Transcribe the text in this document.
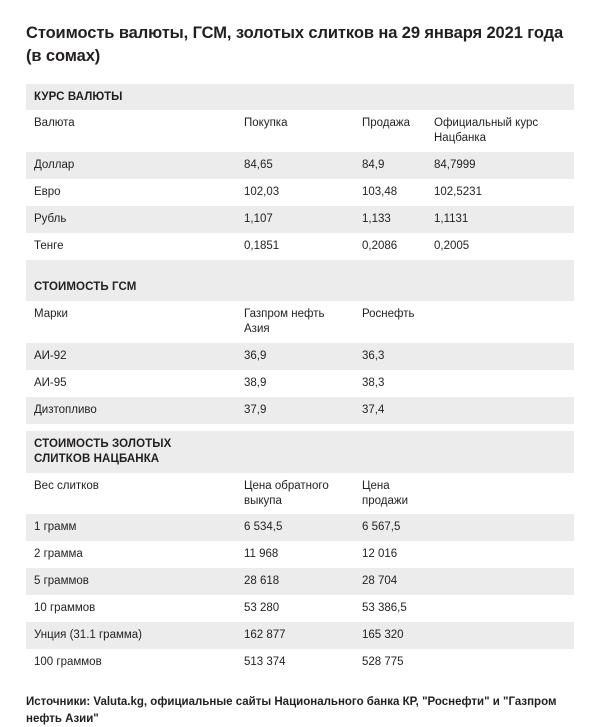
Стоимость валюты, ГСМ, золотых слитков на 29 января 2021 года (в сомах)
КУРС ВАЛЮТЫ			
Валюта	Покупка	Продажа	Официальный курс Нацбанка
Доллар	84,65	84,9	84,7999
Евро	102,03	103,48	102,5231
Рубль	1,107	1,133	1,1131
Тенге	0,1851	0,2086	0,2005

СТОИМОСТЬ ГСМ			
Марки	Газпром нефть Азия	Роснефть	
АИ-92	36,9	36,3	
АИ-95	38,9	38,3	
Дизтопливо	37,9	37,4	

СТОИМОСТЬ ЗОЛОТЫХ СЛИТКОВ НАЦБАНКА			
Вес слитков	Цена обратного выкупа	Цена продажи	
1 грамм	6 534,5	6 567,5	
2 грамма	11 968	12 016	
5 граммов	28 618	28 704	
10 граммов	53 280	53 386,5	
Унция (31.1 грамма)	162 877	165 320	
100 граммов	513 374	528 775	
Источники: Valuta.kg, официальные сайты Национального банка КР, "Роснефти" и "Газпром нефть Азии"
